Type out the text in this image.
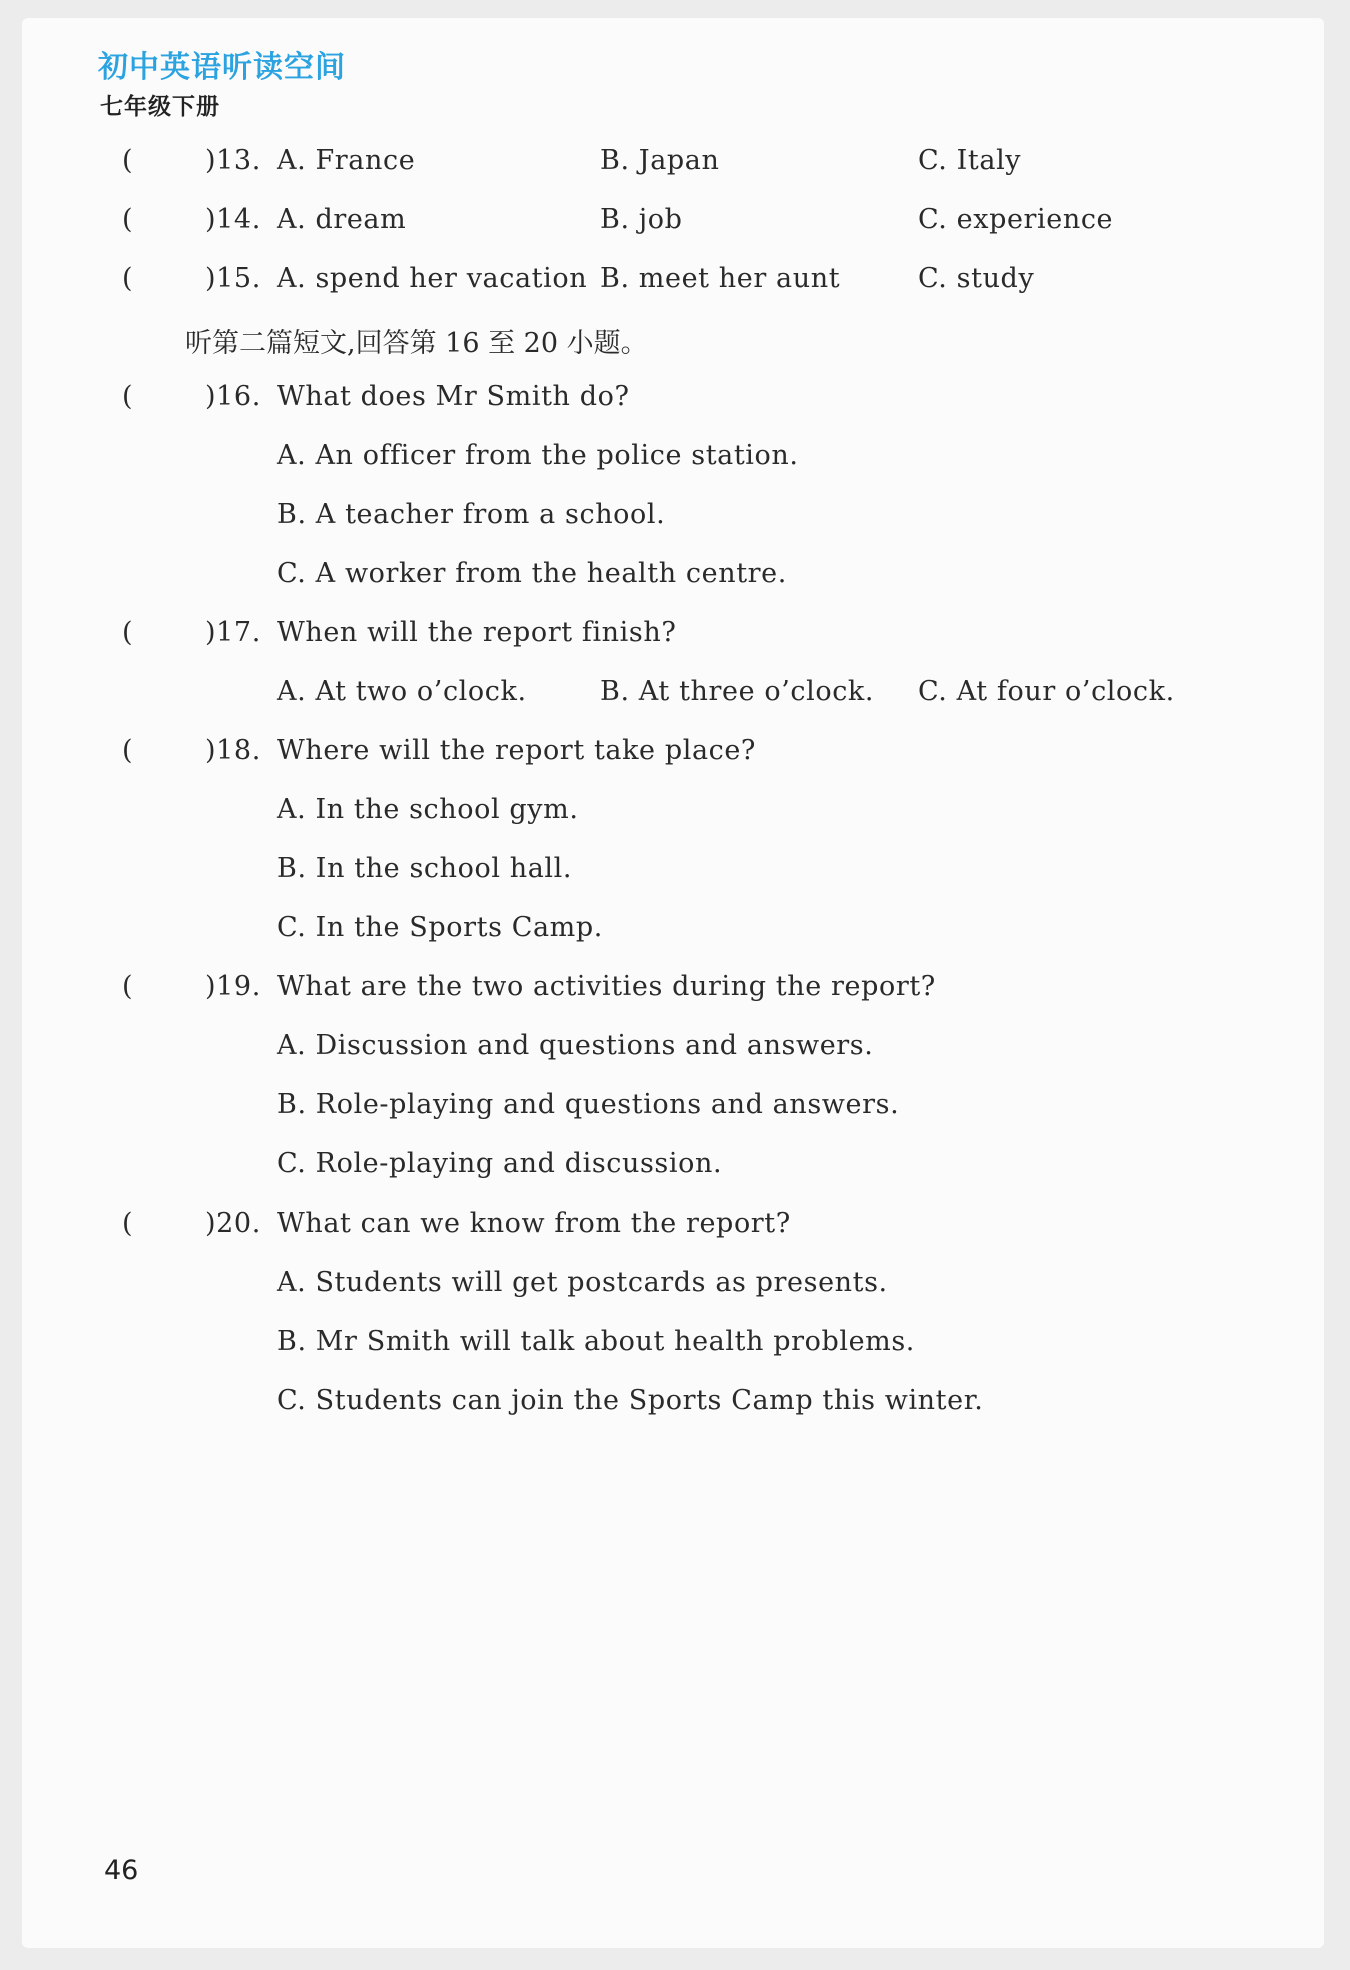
初中英语听读空间
七年级下册
(	)13. A. France	B. Japan	C. Italy
(	)14. A. dream	B. job	C. experience
(	)15. A. spend her vacation B. meet her aunt	C. study
听第二篇短文,回答第 16 至 20 小题。
(	)16. What does Mr Smith do?
A. An officer from the police station.
B. A teacher from a school.
C. A worker from the health centre.
(	)17. When will the report finish?
A. At two o’clock.	B. At three o’clock. C. At four o’clock.
(	)18. Where will the report take place?
A. In the school gym.
B. In the school hall.
C. In the Sports Camp.
(	)19. What are the two activities during the report?
A. Discussion and questions and answers.
B. Role-playing and questions and answers.
C. Role-playing and discussion.
(	)20. What can we know from the report?
A. Students will get postcards as presents.
B. Mr Smith will talk about health problems.
C. Students can join the Sports Camp this winter.
46
